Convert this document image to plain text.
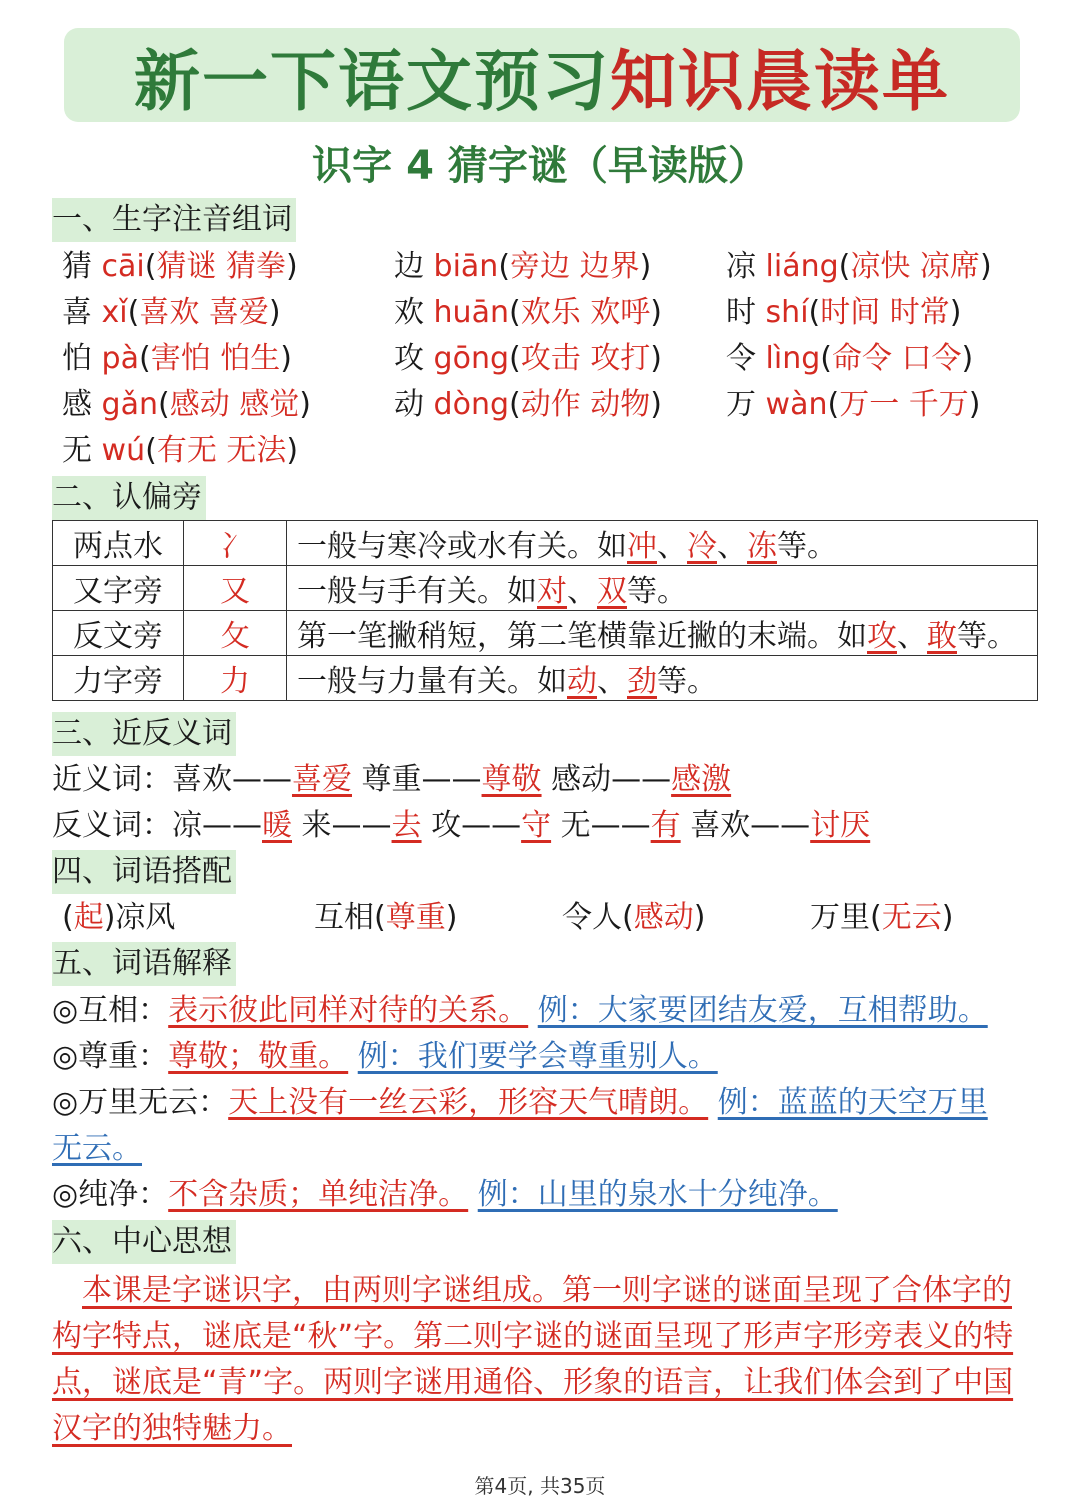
新一下语文预习 知识晨读单
识字 4 猜字谜（早读版）
一、生字注音组词
猜 cāi(猜谜 猜拳)	边 biān(旁边 边界) 凉 liáng(凉快 凉席)
喜 xǐ(喜欢 喜爱)	欢 huān(欢乐 欢呼) 时 shí(时间 时常)
怕 pà(害怕 怕生)	攻 gōng(攻击 攻打) 令 lìng(命令 口令)
感 gǎn(感动 感觉)	动 dòng(动作 动物) 万 wàn(万一 千万)
无 wú(有无 无法)
二、认偏旁
两点水	冫	一般与寒冷或水有关。如冲、冷、冻等。
又字旁	又	一般与手有关。如对、双等。
反文旁	攵	第一笔撇稍短，第二笔横靠近撇的末端。如攻、敢等。
力字旁	力	一般与力量有关。如动、劲等。
三、近反义词
近义词：喜欢——喜爱 尊重——尊敬 感动——感激
反义词：凉——暖 来——去 攻——守 无——有 喜欢——讨厌
四、词语搭配
(起)凉风	互相(尊重)	令人(感动)	万里(无云)
五、词语解释
◎互相：表示彼此同样对待的关系。 例：大家要团结友爱，互相帮助。
◎尊重：尊敬；敬重。 例：我们要学会尊重别人。
◎万里无云：天上没有一丝云彩，形容天气晴朗。 例：蓝蓝的天空万里
无云。
◎纯净：不含杂质；单纯洁净。 例：山里的泉水十分纯净。
六、中心思想
本课是字谜识字，由两则字谜组成。第一则字谜的谜面呈现了合体字的构字特点，谜底是“秋”字。第二则字谜的谜面呈现了形声字形旁表义的特点，谜底是“青”字。两则字谜用通俗、形象的语言，让我们体会到了中国汉字的独特魅力。
第4页, 共35页
